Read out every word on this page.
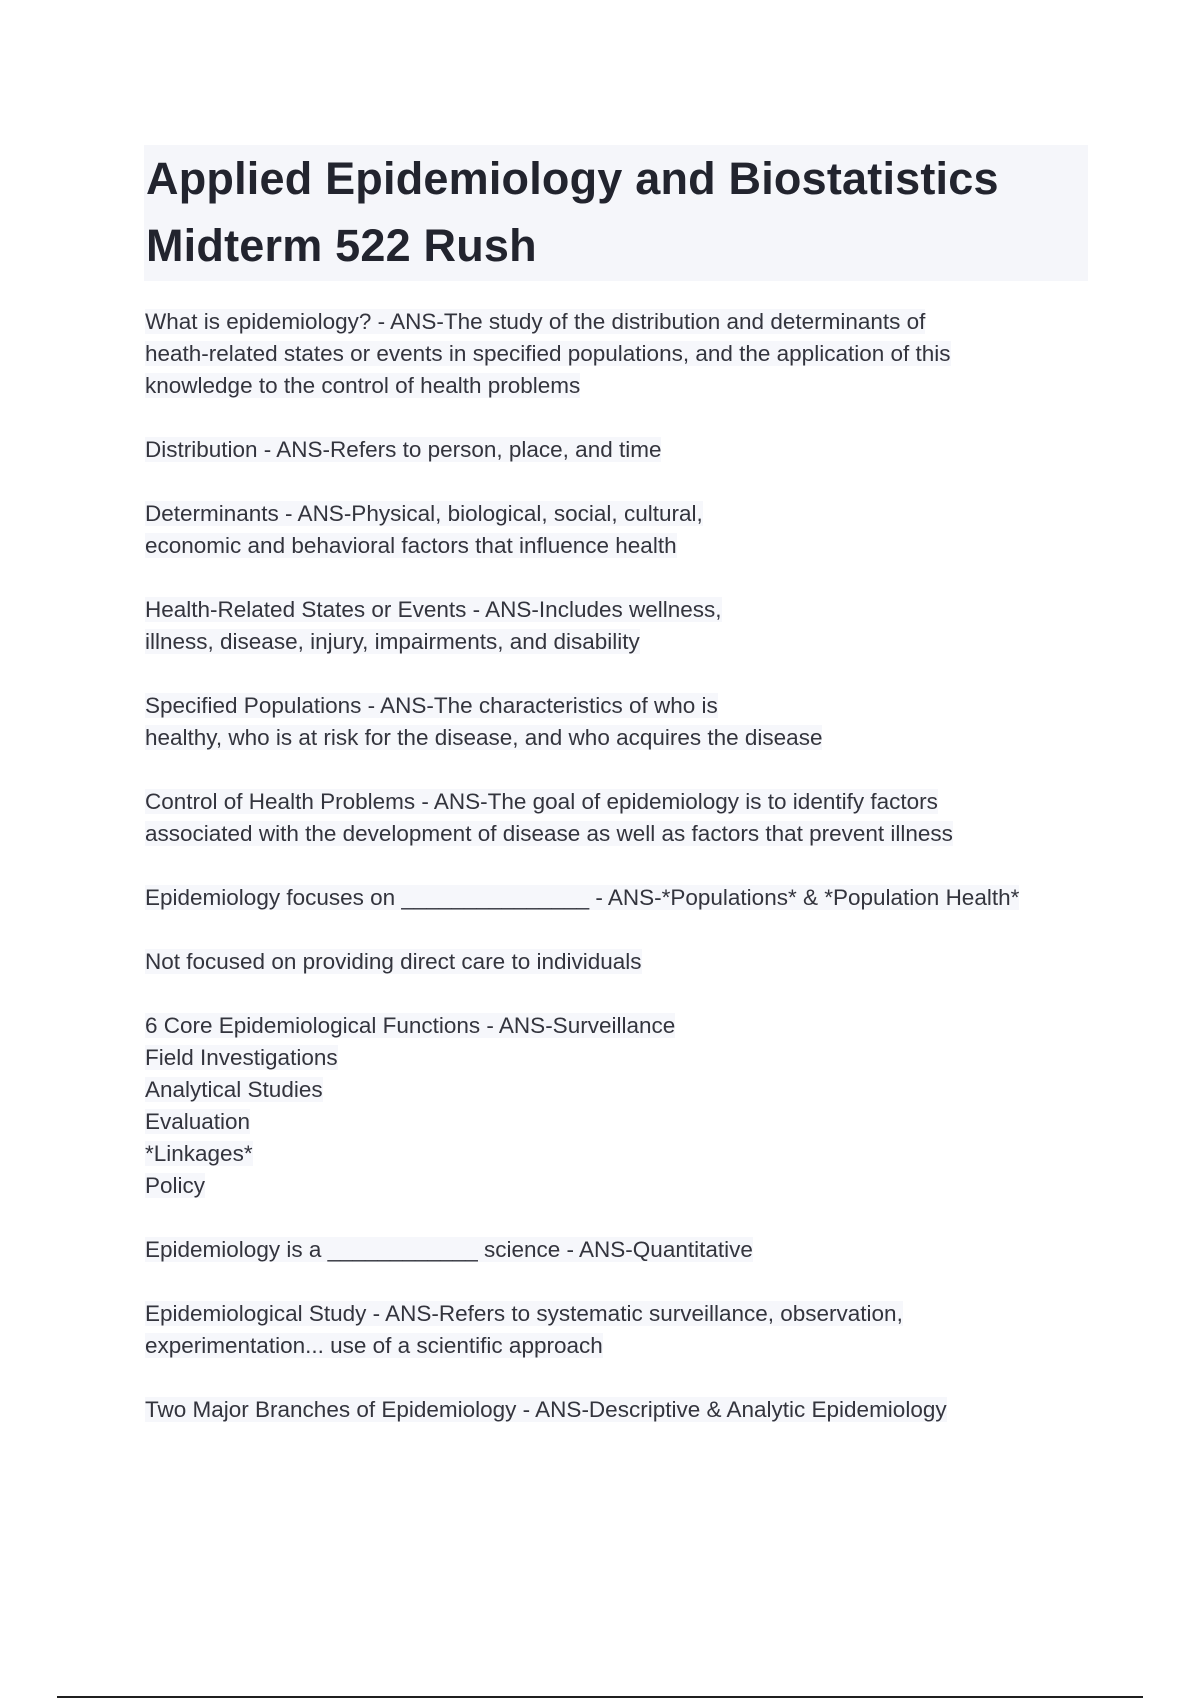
Applied Epidemiology and Biostatistics
Midterm 522 Rush
What is epidemiology? - ANS-The study of the distribution and determinants of
heath-related states or events in specified populations, and the application of this
knowledge to the control of health problems
Distribution - ANS-Refers to person, place, and time
Determinants - ANS-Physical, biological, social, cultural,
economic and behavioral factors that influence health
Health-Related States or Events - ANS-Includes wellness,
illness, disease, injury, impairments, and disability
Specified Populations - ANS-The characteristics of who is
healthy, who is at risk for the disease, and who acquires the disease
Control of Health Problems - ANS-The goal of epidemiology is to identify factors
associated with the development of disease as well as factors that prevent illness
Epidemiology focuses on _______________ - ANS-*Populations* & *Population Health*
Not focused on providing direct care to individuals
6 Core Epidemiological Functions - ANS-Surveillance
Field Investigations
Analytical Studies
Evaluation
*Linkages*
Policy
Epidemiology is a ____________ science - ANS-Quantitative
Epidemiological Study - ANS-Refers to systematic surveillance, observation,
experimentation... use of a scientific approach
Two Major Branches of Epidemiology - ANS-Descriptive & Analytic Epidemiology
